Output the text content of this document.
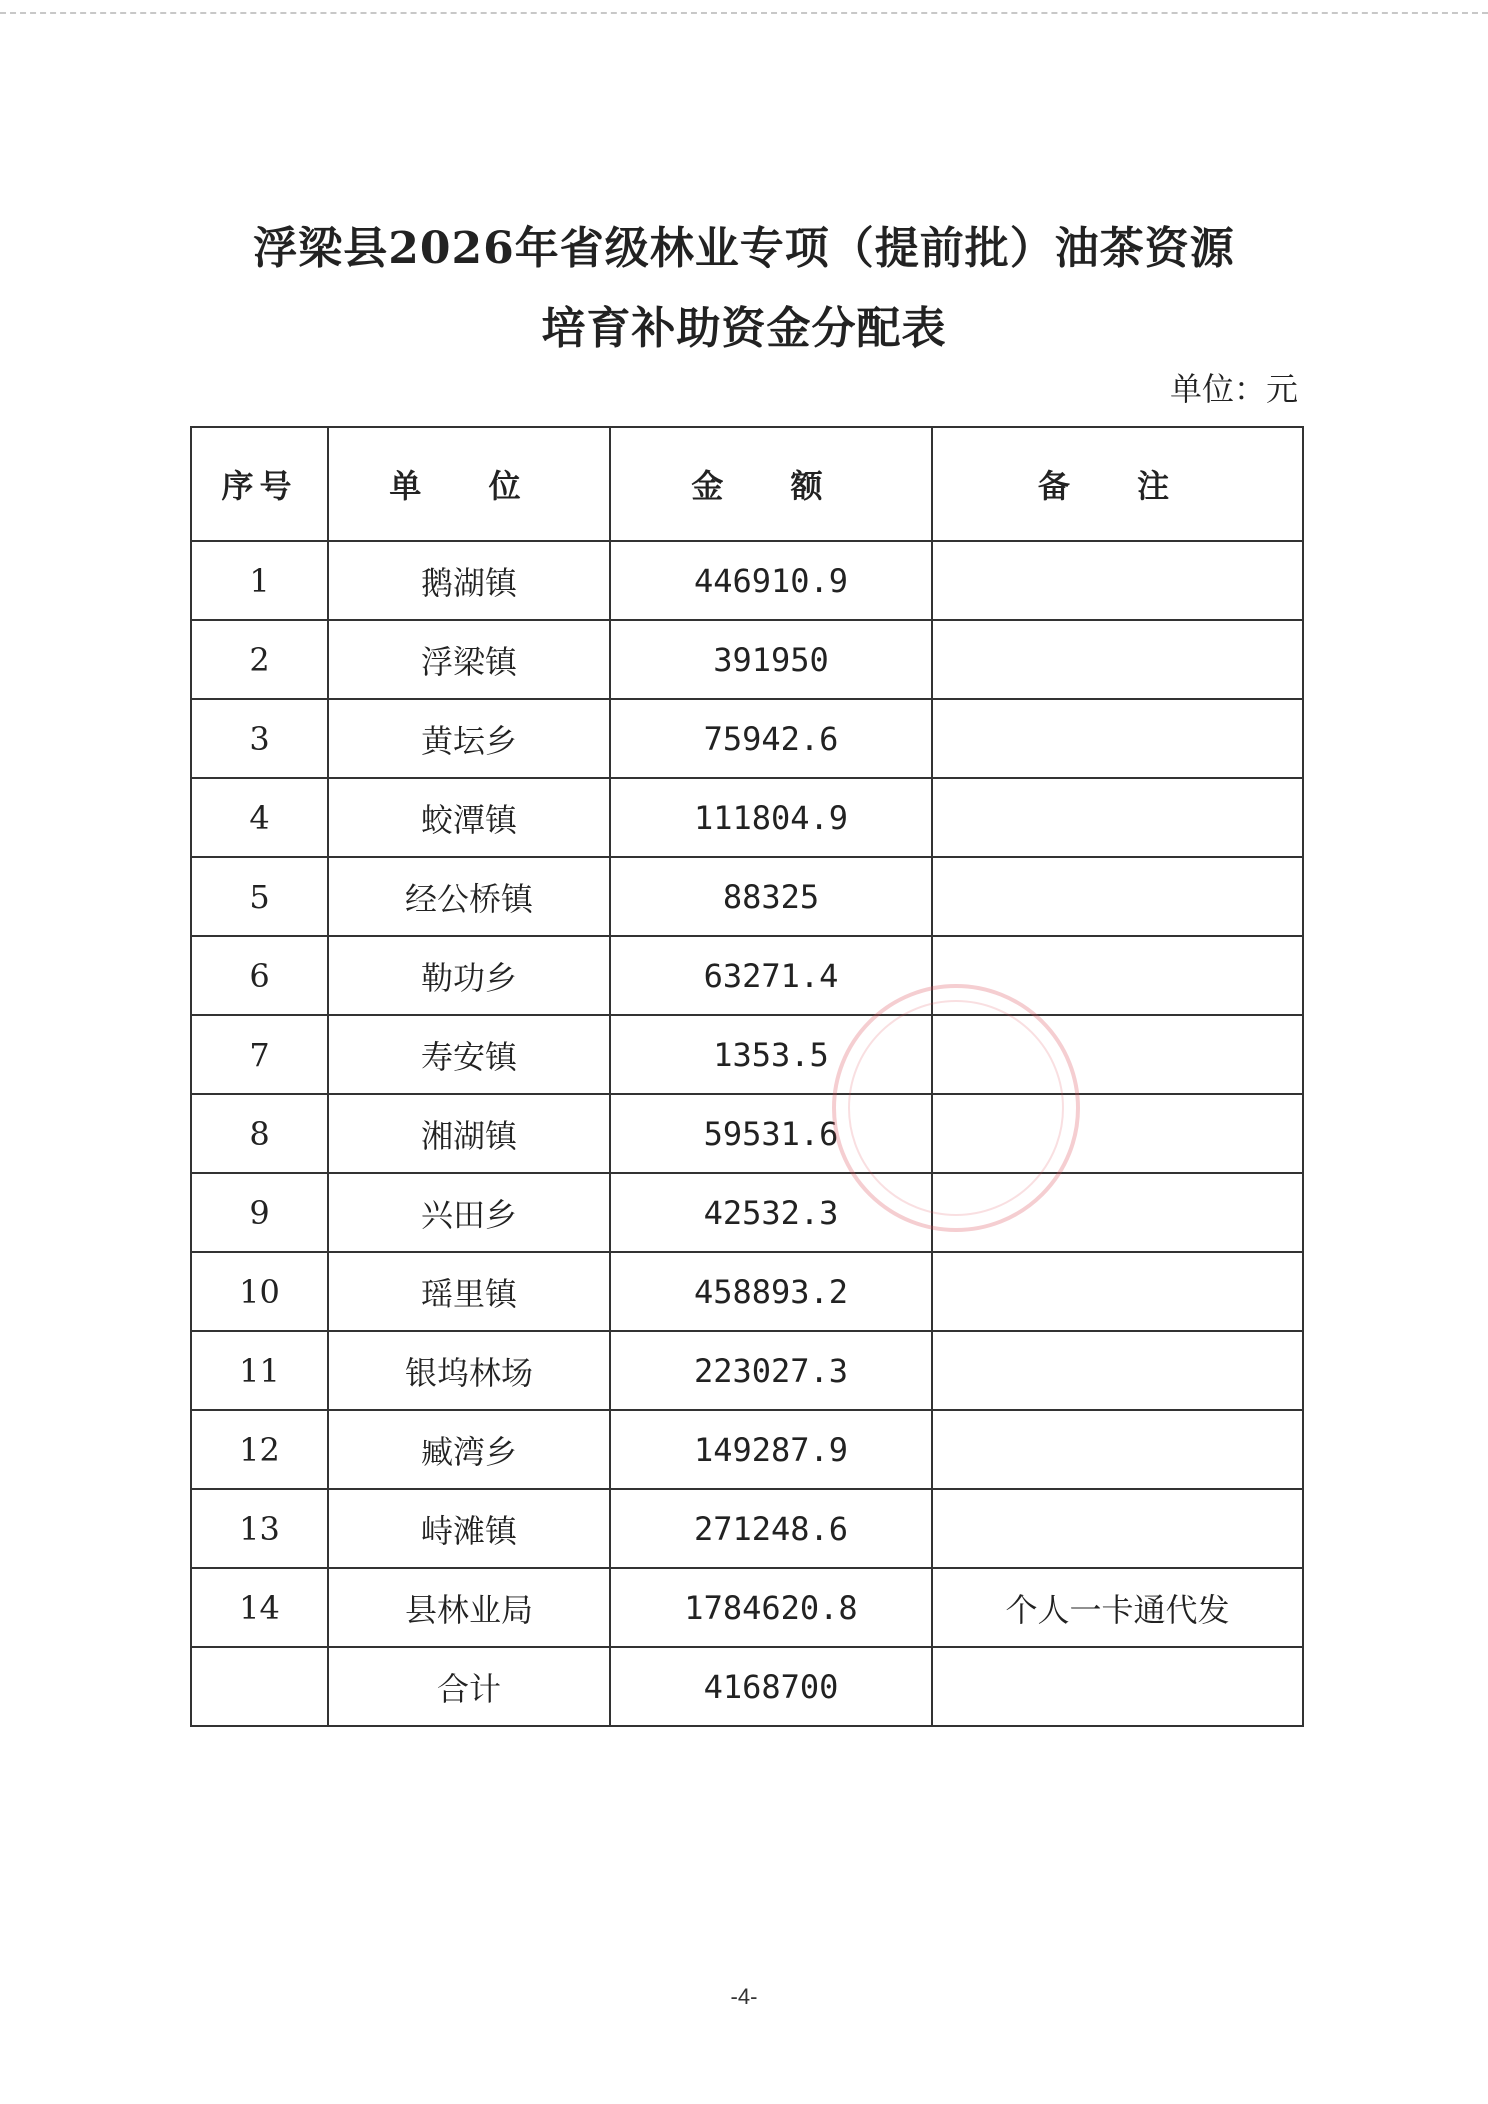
浮梁县2026年省级林业专项（提前批）油茶资源
培育补助资金分配表
单位：元
序号	单 位	金 额	备 注
1	鹅湖镇	446910.9	
2	浮梁镇	391950	
3	黄坛乡	75942.6	
4	蛟潭镇	111804.9	
5	经公桥镇	88325	
6	勒功乡	63271.4	
7	寿安镇	1353.5	
8	湘湖镇	59531.6	
9	兴田乡	42532.3	
10	瑶里镇	458893.2	
11	银坞林场	223027.3	
12	臧湾乡	149287.9	
13	峙滩镇	271248.6	
14	县林业局	1784620.8	个人一卡通代发
	合计	4168700	
-4-
